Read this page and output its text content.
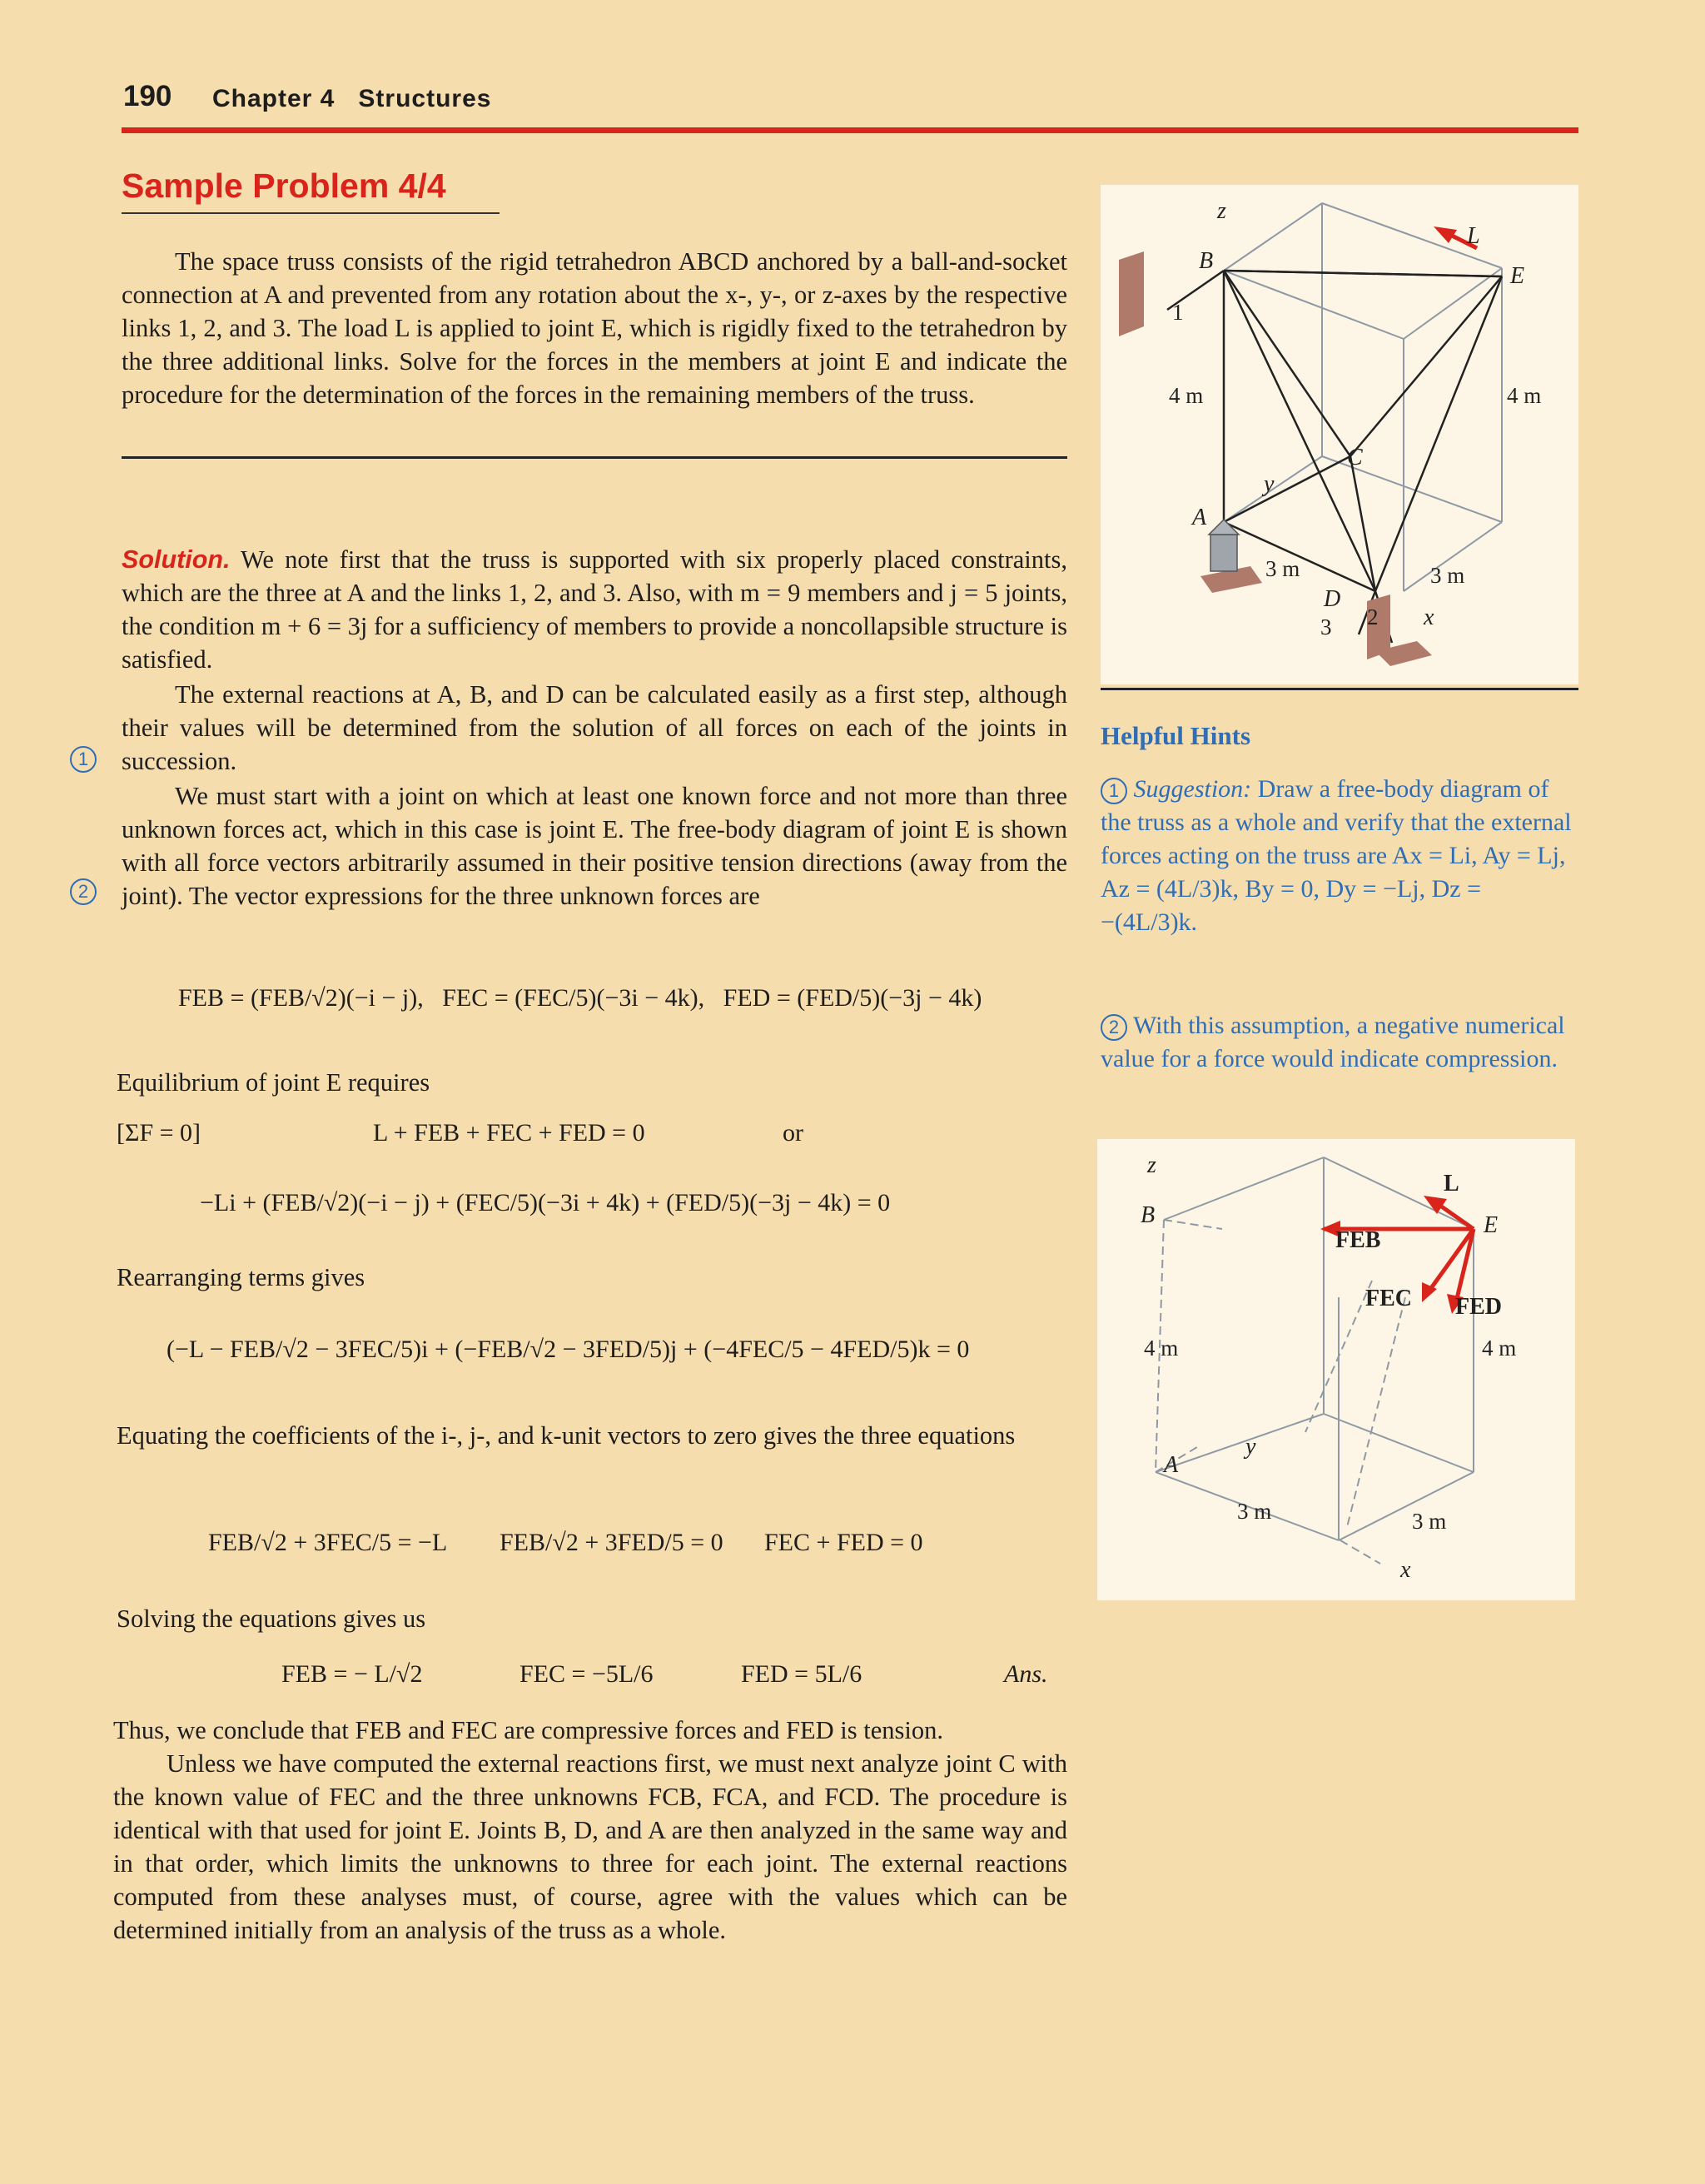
190 Chapter 4 Structures
Sample Problem 4/4
The space truss consists of the rigid tetrahedron ABCD anchored by a ball-and-socket connection at A and prevented from any rotation about the x-, y-, or z-axes by the respective links 1, 2, and 3. The load L is applied to joint E, which is rigidly fixed to the tetrahedron by the three additional links. Solve for the forces in the members at joint E and indicate the procedure for the determination of the forces in the remaining members of the truss.
Solution. We note first that the truss is supported with six properly placed constraints, which are the three at A and the links 1, 2, and 3. Also, with m = 9 members and j = 5 joints, the condition m + 6 = 3j for a sufficiency of members to provide a noncollapsible structure is satisfied.
The external reactions at A, B, and D can be calculated easily as a first step, although their values will be determined from the solution of all forces on each of the joints in succession.
We must start with a joint on which at least one known force and not more than three unknown forces act, which in this case is joint E. The free-body diagram of joint E is shown with all force vectors arbitrarily assumed in their positive tension directions (away from the joint). The vector expressions for the three unknown forces are
1
2
FEB = (FEB/√2)(−i − j), FEC = (FEC/5)(−3i − 4k), FED = (FED/5)(−3j − 4k)
Equilibrium of joint E requires
[ΣF = 0]	L + FEB + FEC + FED = 0	or
−Li + (FEB/√2)(−i − j) + (FEC/5)(−3i + 4k) + (FED/5)(−3j − 4k) = 0
Rearranging terms gives
(−L − FEB/√2 − 3FEC/5)i + (−FEB/√2 − 3FED/5)j + (−4FEC/5 − 4FED/5)k = 0
Equating the coefficients of the i-, j-, and k-unit vectors to zero gives the three equations
FEB/√2 + 3FEC/5 = −L FEB/√2 + 3FED/5 = 0 FEC + FED = 0
Solving the equations gives us
FEB = − L/√2	FEC = −5L/6	FED = 5L/6	Ans.
Thus, we conclude that FEB and FEC are compressive forces and FED is tension.
Unless we have computed the external reactions first, we must next analyze joint C with the known value of FEC and the three unknowns FCB, FCA, and FCD. The procedure is identical with that used for joint E. Joints B, D, and A are then analyzed in the same way and in that order, which limits the unknowns to three for each joint. The external reactions computed from these analyses must, of course, agree with the values which can be determined initially from an analysis of the truss as a whole.
z
B
L
E
C
y
A
D
x
1
4 m	4 m
3 m	3 m
3 2
Helpful Hints
1 Suggestion: Draw a free-body diagram of the truss as a whole and verify that the external forces acting on the truss are Ax = Li, Ay = Lj, Az = (4L/3)k, By = 0, Dy = −Lj, Dz = −(4L/3)k.
2 With this assumption, a negative numerical value for a force would indicate compression.
z
B	E
y
A
x
L
FEB
FEC FED
4 m	4 m
3 m	3 m
